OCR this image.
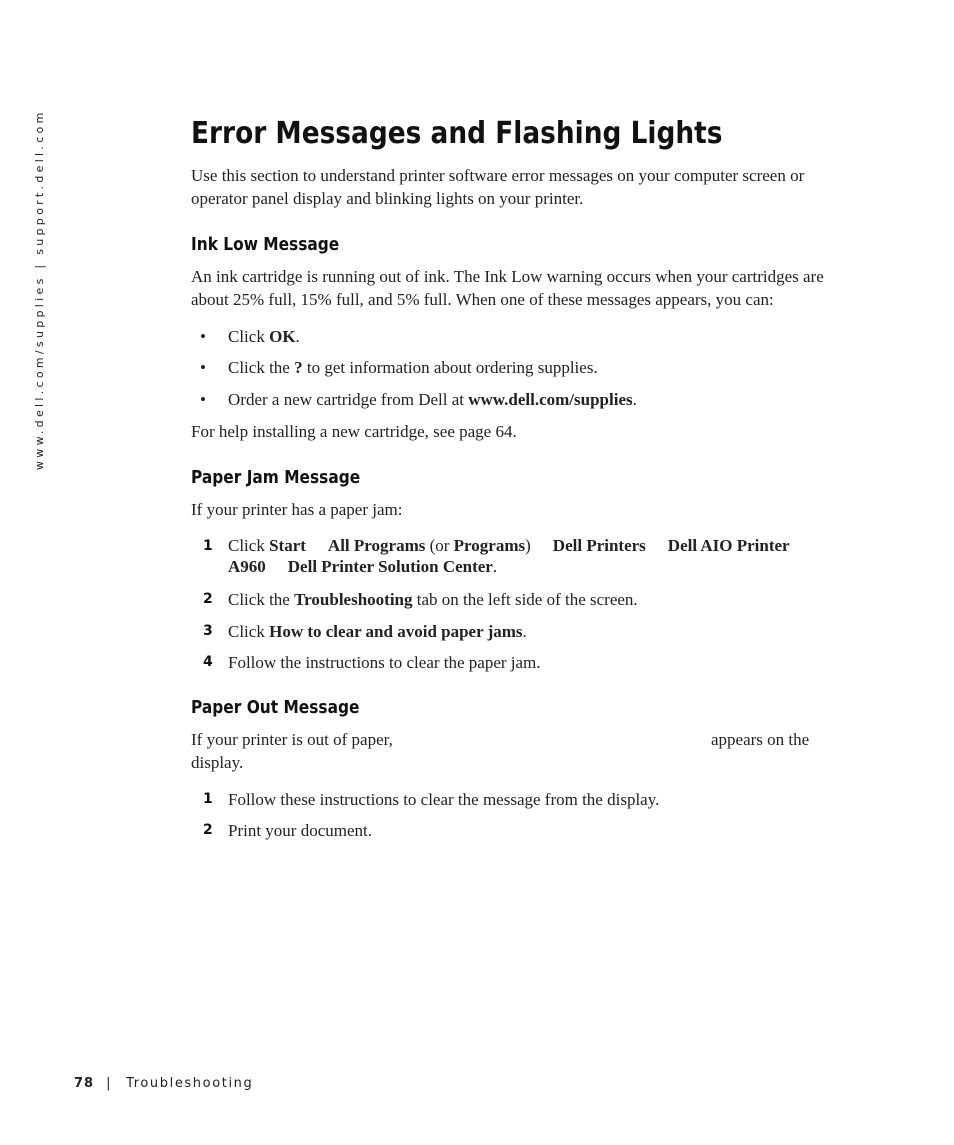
www.dell.com/supplies | support.dell.com	Error Messages and Flashing Lights

Use this section to understand printer software error messages on your computer screen or operator panel display and blinking lights on your printer.

Ink Low Message

An ink cartridge is running out of ink. The Ink Low warning occurs when your cartridges are about 25% full, 15% full, and 5% full. When one of these messages appears, you can:

• Click OK.

• Click the ? to get information about ordering supplies.

• Order a new cartridge from Dell at www.dell.com/supplies.

For help installing a new cartridge, see page 64.

Paper Jam Message

If your printer has a paper jam:

1 Click Start All Programs (or Programs) Dell Printers Dell AIO Printer A960 Dell Printer Solution Center.

2 Click the Troubleshooting tab on the left side of the screen.

3 Click How to clear and avoid paper jams.

4 Follow the instructions to clear the paper jam.

Paper Out Message
If your printer is out of paper,	appears on the
display.
1 Follow these instructions to clear the message from the display.

2 Print your document.

78 | Troubleshooting
